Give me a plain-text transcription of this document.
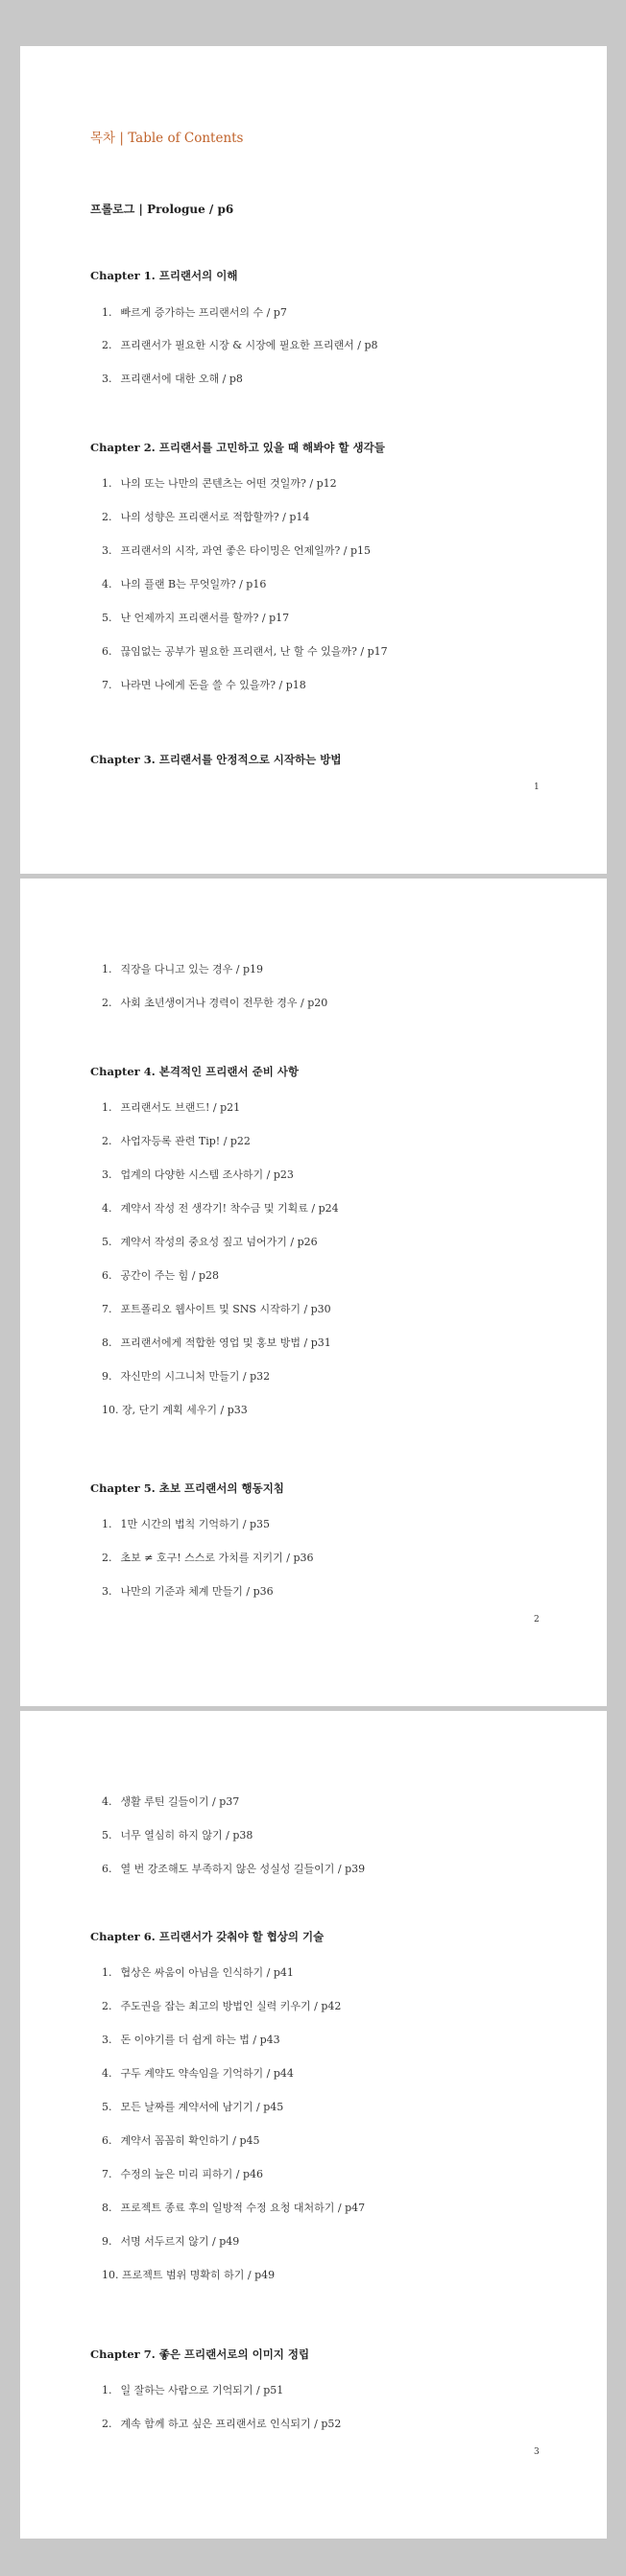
목차 | Table of Contents
프롤로그 | Prologue / p6
Chapter 1. 프리랜서의 이해
1. 빠르게 증가하는 프리랜서의 수 / p7
2. 프리랜서가 필요한 시장 & 시장에 필요한 프리랜서 / p8
3. 프리랜서에 대한 오해 / p8
Chapter 2. 프리랜서를 고민하고 있을 때 해봐야 할 생각들
1. 나의 또는 나만의 콘텐츠는 어떤 것일까? / p12
2. 나의 성향은 프리랜서로 적합할까? / p14
3. 프리랜서의 시작, 과연 좋은 타이밍은 언제일까? / p15
4. 나의 플랜 B는 무엇일까? / p16
5. 난 언제까지 프리랜서를 할까? / p17
6. 끊임없는 공부가 필요한 프리랜서, 난 할 수 있을까? / p17
7. 나라면 나에게 돈을 쓸 수 있을까? / p18
Chapter 3. 프리랜서를 안정적으로 시작하는 방법
1
1. 직장을 다니고 있는 경우 / p19
2. 사회 초년생이거나 경력이 전무한 경우 / p20
Chapter 4. 본격적인 프리랜서 준비 사항
1. 프리랜서도 브랜드! / p21
2. 사업자등록 관련 Tip! / p22
3. 업계의 다양한 시스템 조사하기 / p23
4. 계약서 작성 전 생각기! 착수금 및 기획료 / p24
5. 계약서 작성의 중요성 짚고 넘어가기 / p26
6. 공간이 주는 힘 / p28
7. 포트폴리오 웹사이트 및 SNS 시작하기 / p30
8. 프리랜서에게 적합한 영업 및 홍보 방법 / p31
9. 자신만의 시그니처 만들기 / p32
10. 장, 단기 계획 세우기 / p33
Chapter 5. 초보 프리랜서의 행동지침
1. 1만 시간의 법칙 기억하기 / p35
2. 초보 ≠ 호구! 스스로 가치를 지키기 / p36
3. 나만의 기준과 체계 만들기 / p36
2
4. 생활 루틴 길들이기 / p37
5. 너무 열심히 하지 않기 / p38
6. 열 번 강조해도 부족하지 않은 성실성 길들이기 / p39
Chapter 6. 프리랜서가 갖춰야 할 협상의 기술
1. 협상은 싸움이 아님을 인식하기 / p41
2. 주도권을 잡는 최고의 방법인 실력 키우기 / p42
3. 돈 이야기를 더 쉽게 하는 법 / p43
4. 구두 계약도 약속임을 기억하기 / p44
5. 모든 날짜를 계약서에 남기기 / p45
6. 계약서 꼼꼼히 확인하기 / p45
7. 수정의 늪은 미리 피하기 / p46
8. 프로젝트 종료 후의 일방적 수정 요청 대처하기 / p47
9. 서명 서두르지 않기 / p49
10. 프로젝트 범위 명확히 하기 / p49
Chapter 7. 좋은 프리랜서로의 이미지 정립
1. 일 잘하는 사람으로 기억되기 / p51
2. 계속 함께 하고 싶은 프리랜서로 인식되기 / p52
3
